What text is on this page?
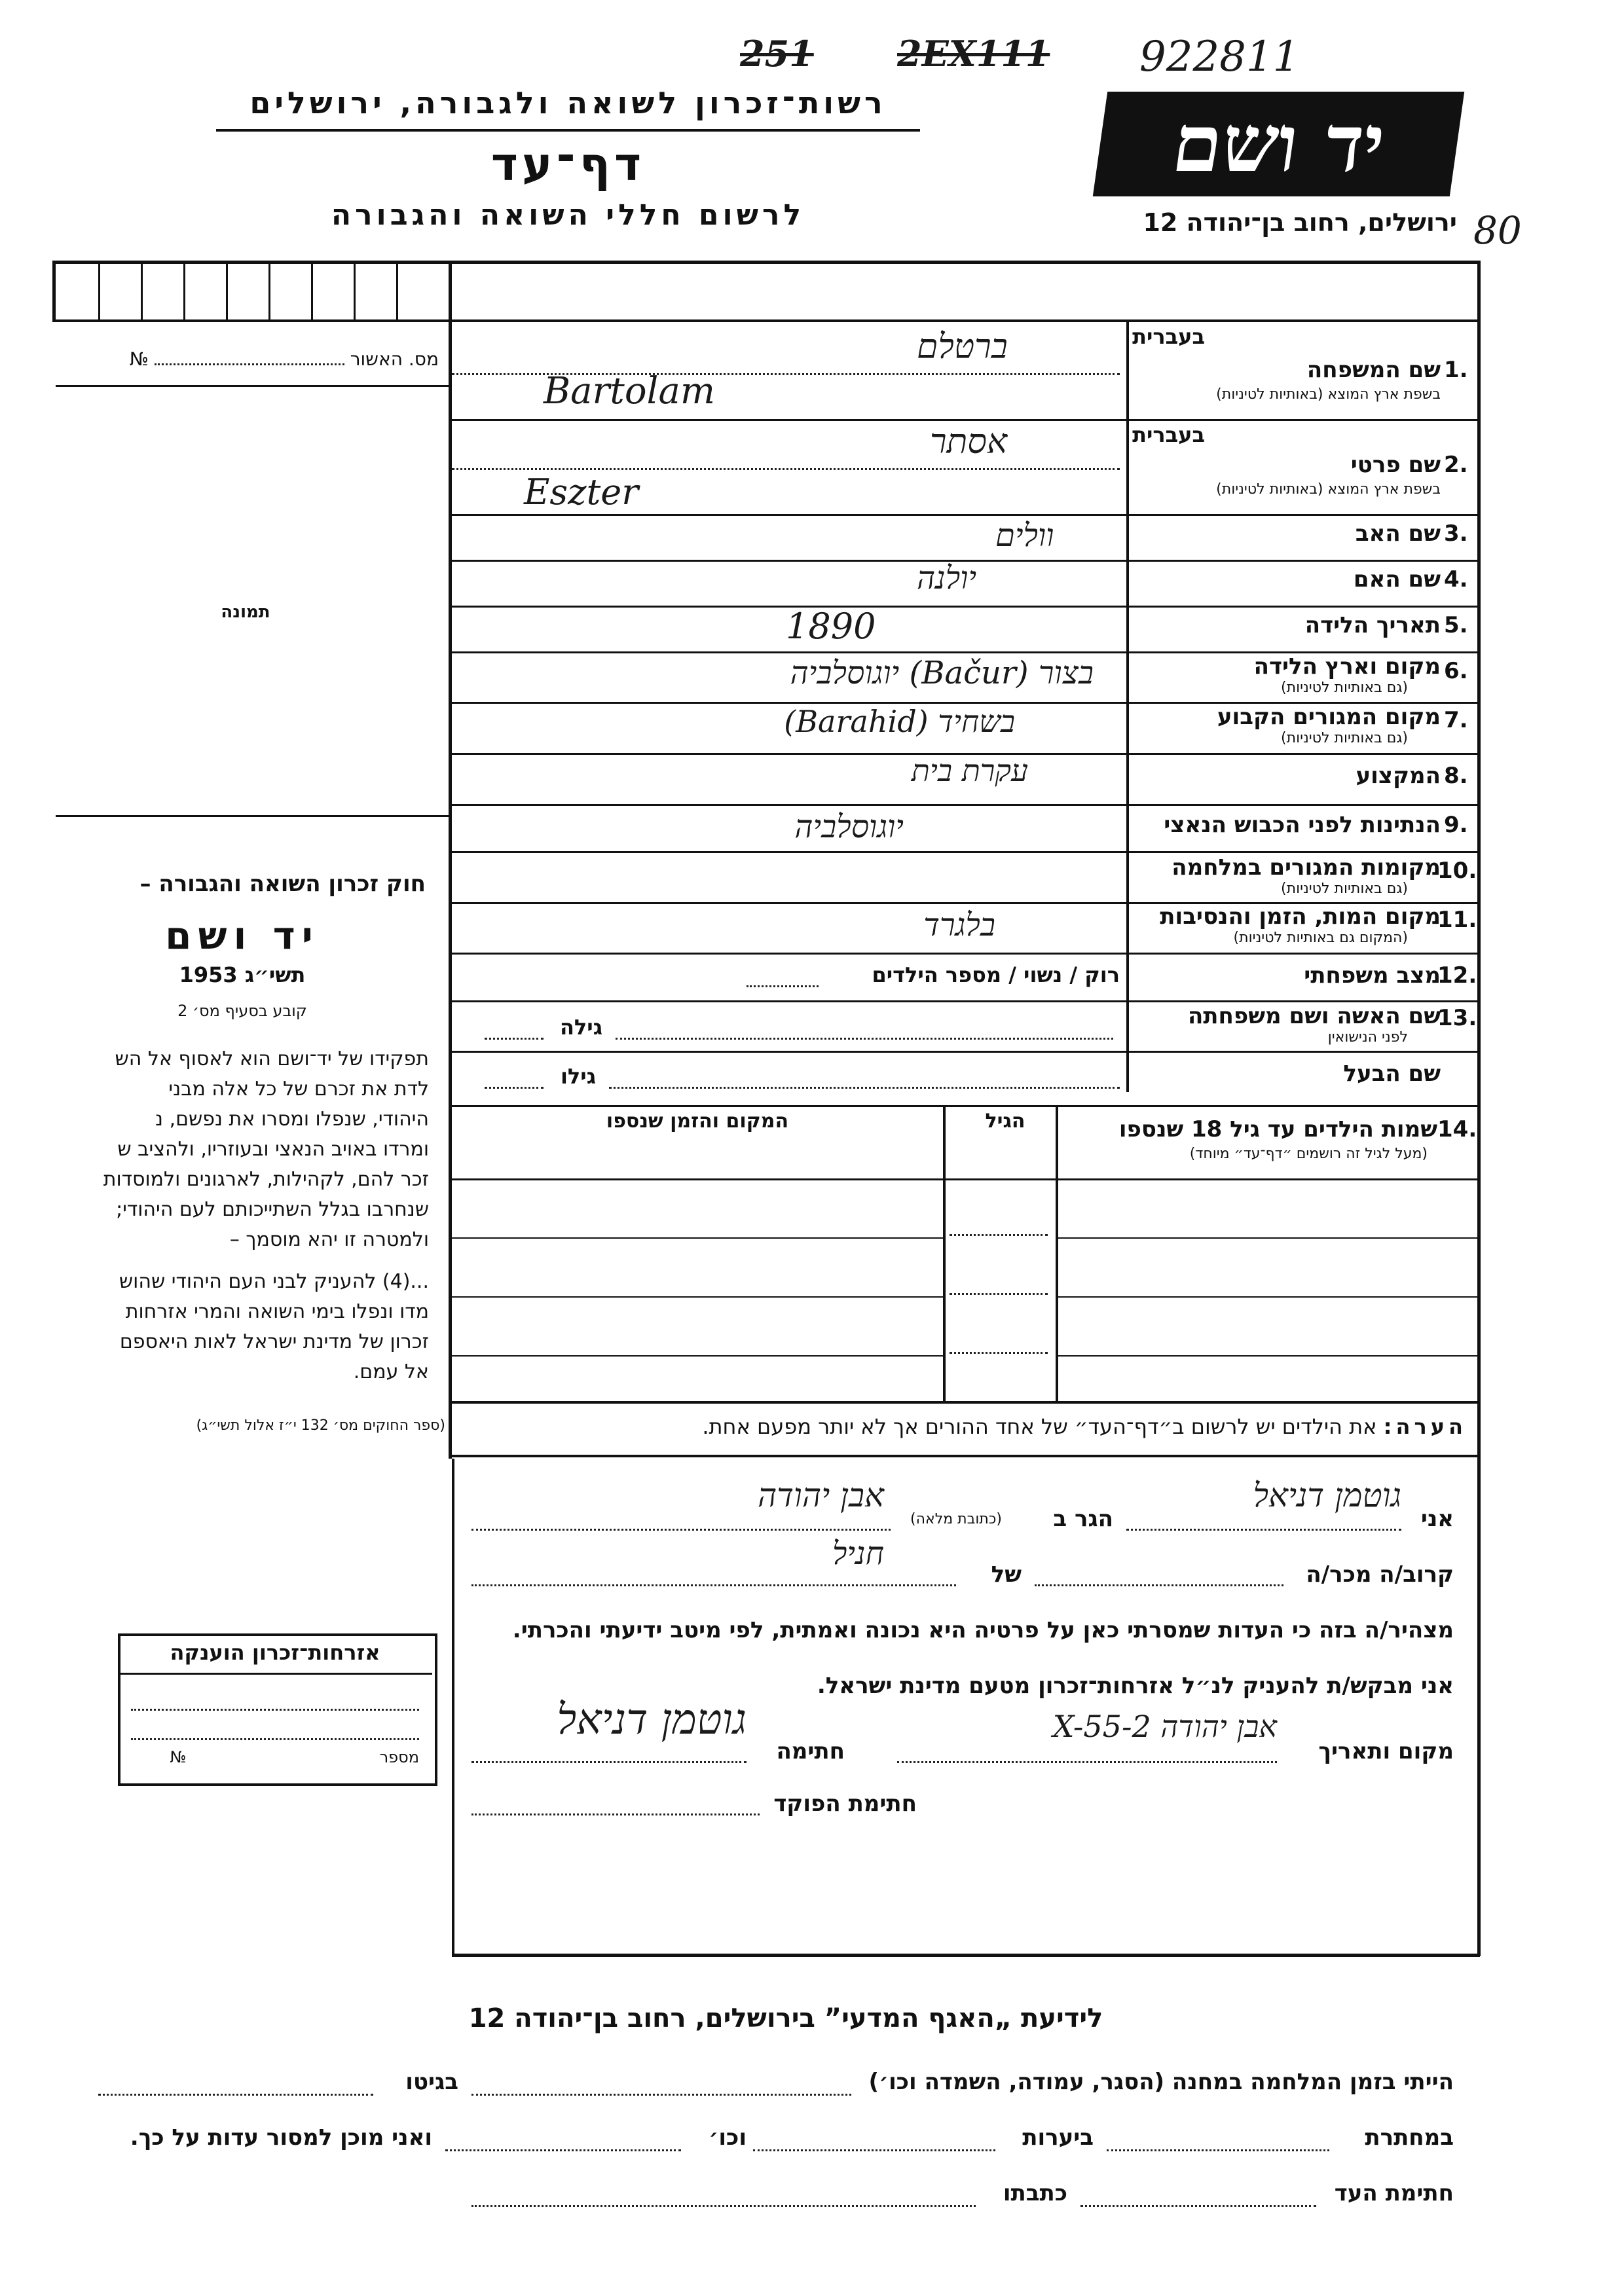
רשות־זכרון לשואה ולגבורה, ירושלים
דף־עד
לרשום חללי השואה והגבורה
251 2EX111 922811
יד ושם
ירושלים, רחוב בן־יהודה 12 80
מס. האשור  №
תמונה
חוק זכרון השואה והגבורה –
יד ושם
תשי״ג 1953
קובע בסעיף מס׳ 2
תפקידו של יד־ושם הוא לאסוף אל הש
לדת את זכרם של כל אלה מבני
היהודי, שנפלו ומסרו את נפשם, נ
ומרדו באויב הנאצי ובעוזריו, ולהציב ש
זכר להם, לקהילות, לארגונים ולמוסדות
שנחרבו בגלל השתייכותם לעם היהודי;
ולמטרה זו יהא מוסמך –
...(4) להעניק לבני העם היהודי שהוש
מדו ונפלו בימי השואה והמרי אזרחות
זכרון של מדינת ישראל לאות היאספם
אל עמם.
(ספר החוקים מס׳ 132 י״ז אלול תשי״ג)
אזרחות־זכרון הוענקה
מספר  №
בעברית
שם המשפחה 1.
בשפת ארץ המוצא (באותיות לטיניות)
ברטלם
Bartolam
בעברית
שם פרטי 2.
בשפת ארץ המוצא (באותיות לטיניות)
אסתר
Eszter
שם האב 3.
וולים
שם האם 4.
יולנה
תאריך הלידה 5.
1890
מקום וארץ הלידה 6.
(גם באותיות לטיניות)
בצור (Bačur) יוגוסלביה
מקום המגורים הקבוע 7.
(גם באותיות לטיניות)
בשחיד (Barahid)
המקצוע 8.
עקרת בית
הנתינות לפני הכבוש הנאצי 9.
יוגוסלביה
מקומות המגורים במלחמה
10.
(גם באותיות לטיניות)
מקום המות, הזמן והנסיבות
11.
(המקום גם באותיות לטיניות)
בלגרד
מצב משפחתי
12.
רוק / נשוי / מספר הילדים
שם האשה ושם משפחתה
13.
לפני הנישואין
גילה
שם הבעל
גילו
שמות הילדים עד גיל 18 שנספו 14.
(מעל לגיל זה רושמים ״דף־עד״ מיוחד)
הגיל
המקום והזמן שנספו
הערה: את הילדים יש לרשום ב״דף־העד״ של אחד ההורים אך לא יותר מפעם אחת.
אני
גוטמן דניאל
הגר ב
(כתובת מלאה)
אבן יהודה
קרוב/ה מכר/ה
של
חניל
מצהיר/ה בזה כי העדות שמסרתי כאן על פרטיה היא נכונה ואמתית, לפי מיטב ידיעתי והכרתי.
אני מבקש/ת להעניק לנ״ל אזרחות־זכרון מטעם מדינת ישראל.
מקום ותאריך
אבן יהודה 2-X-55
חתימה
גוטמן דניאל
חתימת הפוקד
לידיעת „האגף המדעי” בירושלים, רחוב בן־יהודה 12
הייתי בזמן המלחמה במחנה (הסגר, עמודה, השמדה וכו׳)
בגיטו
במחתרת
ביערות
וכו׳
ואני מוכן למסור עדות על כך.
חתימת העד
כתבתו
